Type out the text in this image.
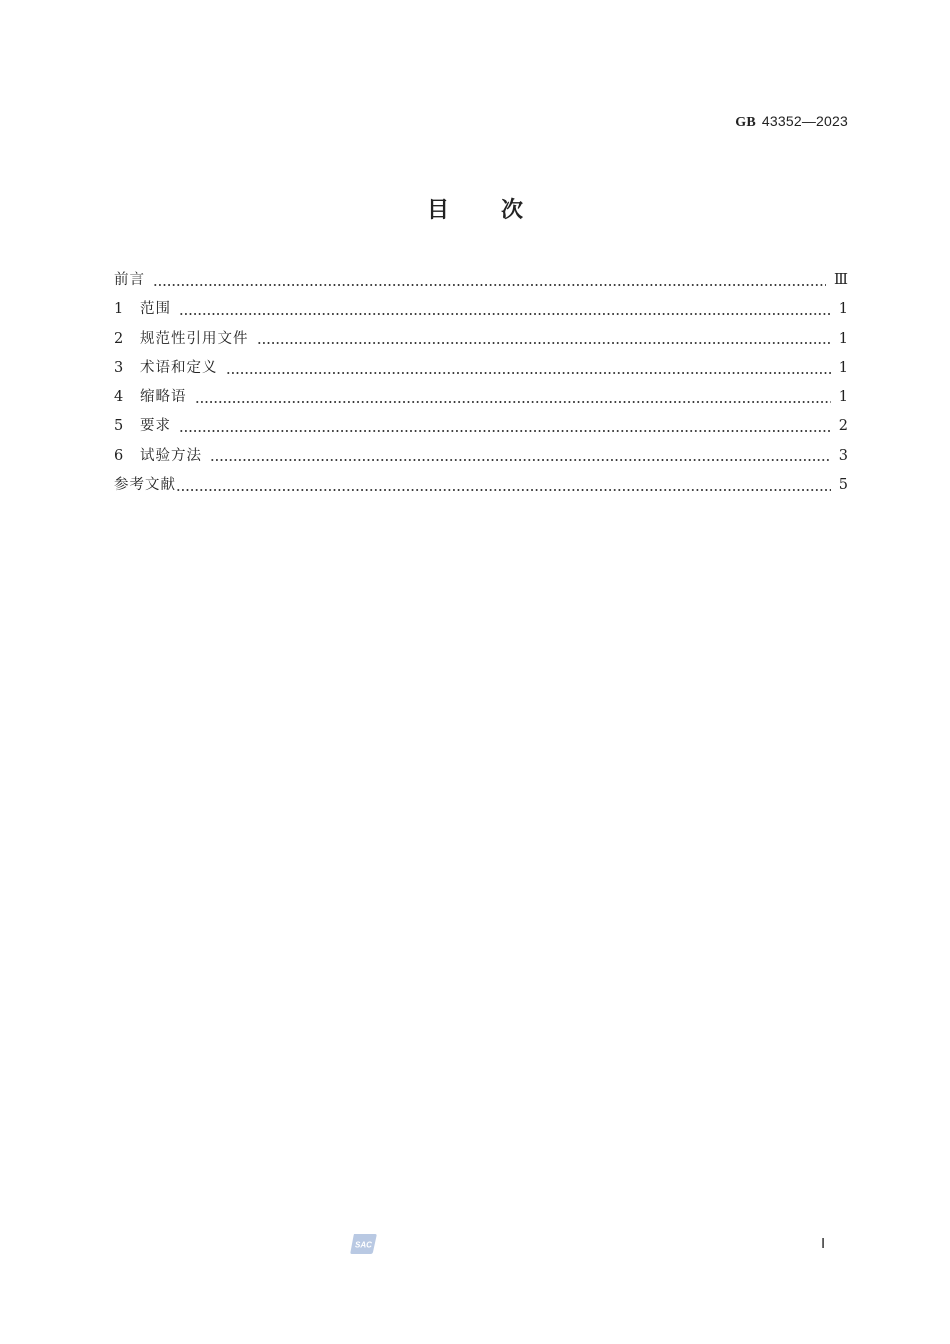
GB 43352—2023
目 次
前言	Ⅲ
1	范围	1
2	规范性引用文件	1
3	术语和定义	1
4	缩略语	1
5	要求	2
6	试验方法	3
参考文献	5
SAC	Ⅰ
